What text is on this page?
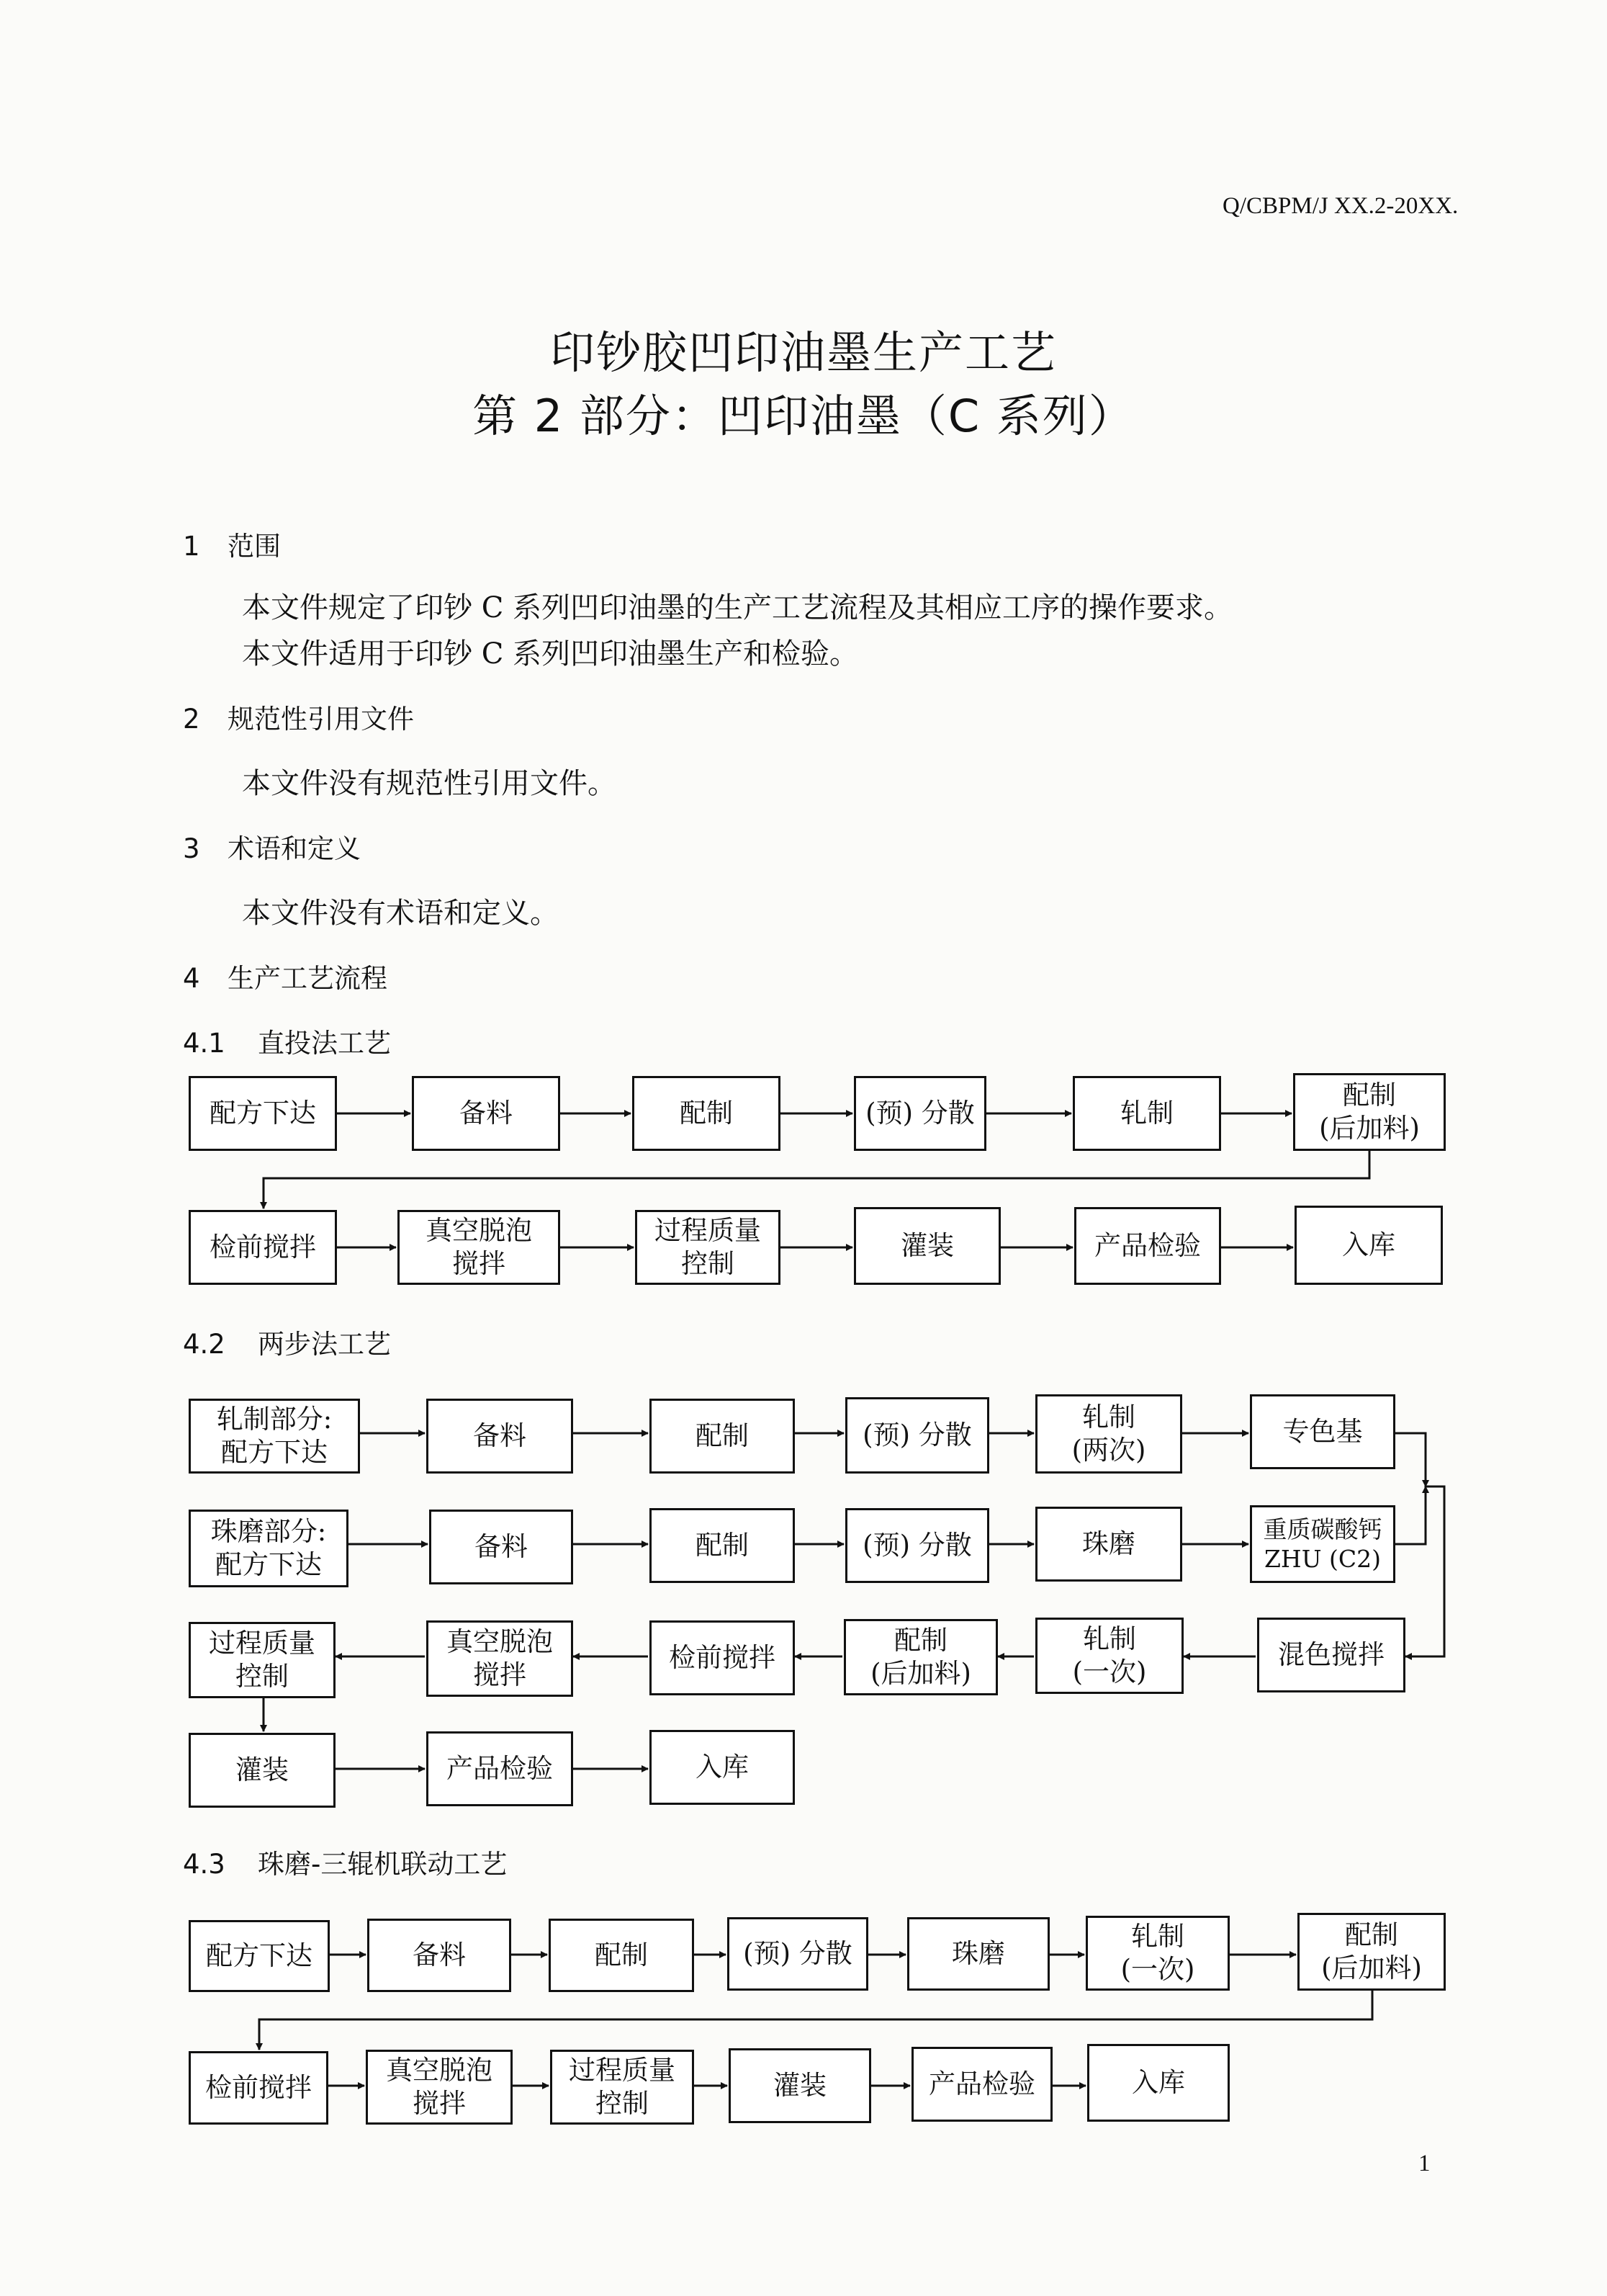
Q/CBPM/J XX.2-20XX.
印钞胶凹印油墨生产工艺
第 2 部分：凹印油墨（C 系列）
1 范围
本文件规定了印钞 C 系列凹印油墨的生产工艺流程及其相应工序的操作要求。
本文件适用于印钞 C 系列凹印油墨生产和检验。
2 规范性引用文件
本文件没有规范性引用文件。
3 术语和定义
本文件没有术语和定义。
4 生产工艺流程
4.1 直投法工艺
4.2 两步法工艺
4.3 珠磨-三辊机联动工艺
配方下达	备料	配制	(预) 分散	轧制
配制
(后加料)
检前搅拌
真空脱泡
搅拌
过程质量
控制
灌装	产品检验	入库
轧制部分:
配方下达
备料	配制	(预) 分散
轧制
(两次)
专色基
珠磨部分:
配方下达
备料	配制	(预) 分散	珠磨	重质碳酸钙
ZHU (C2)
过程质量
控制
真空脱泡
搅拌
检前搅拌
配制
(后加料)
轧制
(一次)
混色搅拌
灌装	产品检验	入库
配方下达	备料	配制	(预) 分散	珠磨
轧制
(一次)
配制
(后加料)
检前搅拌
真空脱泡
搅拌
过程质量
控制
灌装	产品检验	入库
1
